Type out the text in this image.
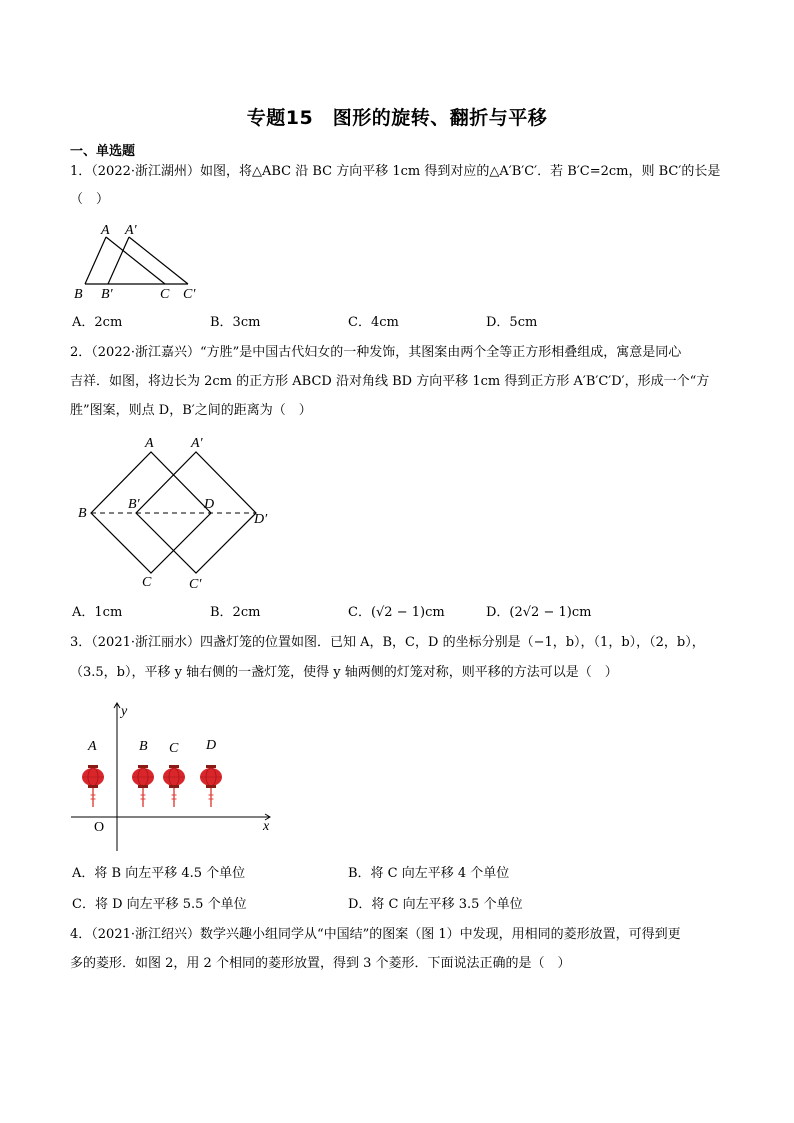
专题15　图形的旋转、翻折与平移
一、单选题
1．（2022·浙江湖州）如图，将△ABC 沿 BC 方向平移 1cm 得到对应的△A′B′C′．若 B′C=2cm，则 BC′的长是
（　）
A A′
B B′	C C′
A．2cm	B．3cm	C．4cm	D．5cm
2．（2022·浙江嘉兴）“方胜”是中国古代妇女的一种发饰，其图案由两个全等正方形相叠组成，寓意是同心
吉祥．如图，将边长为 2cm 的正方形 ABCD 沿对角线 BD 方向平移 1cm 得到正方形 A′B′C′D′，形成一个“方
胜”图案，则点 D，B′之间的距离为（　）
A	A′
B
B′	D
D′
C	C′
A．1cm	B．2cm	C．(√2 − 1)cm	D．(2√2 − 1)cm
3．（2021·浙江丽水）四盏灯笼的位置如图．已知 A，B，C，D 的坐标分别是（−1，b），（1，b），（2，b），
（3.5，b），平移 y 轴右侧的一盏灯笼，使得 y 轴两侧的灯笼对称，则平移的方法可以是（　）
y
x
O
A	B C D
A．将 B 向左平移 4.5 个单位	B．将 C 向左平移 4 个单位
C．将 D 向左平移 5.5 个单位	D．将 C 向左平移 3.5 个单位
4．（2021·浙江绍兴）数学兴趣小组同学从“中国结”的图案（图 1）中发现，用相同的菱形放置，可得到更
多的菱形．如图 2，用 2 个相同的菱形放置，得到 3 个菱形．下面说法正确的是（　）
